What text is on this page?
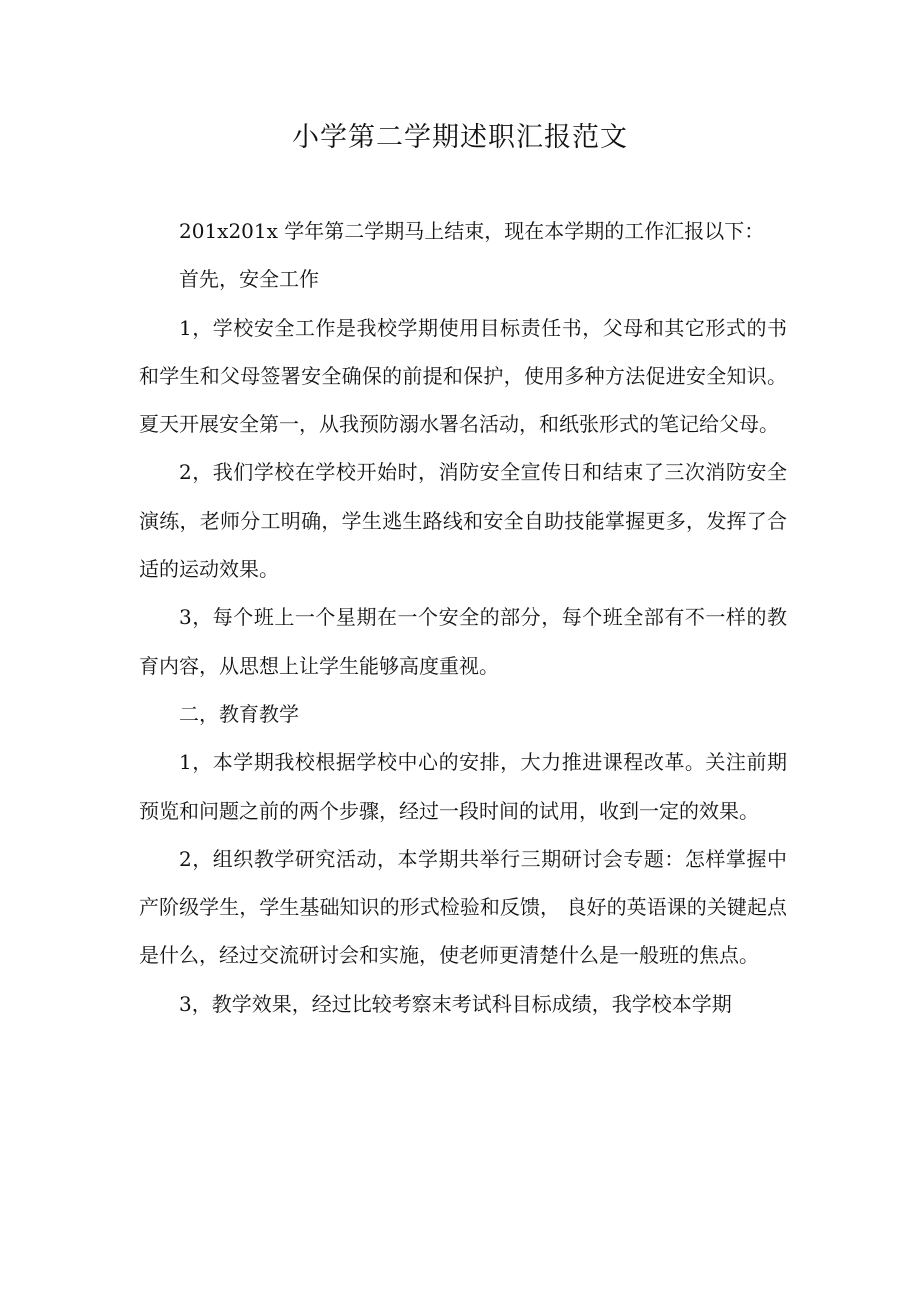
小学第二学期述职汇报范文

201x201x 学年第二学期马上结束，现在本学期的工作汇报以下：

首先，安全工作

1，学校安全工作是我校学期使用目标责任书，父母和其它形式的书和学生和父母签署安全确保的前提和保护，使用多种方法促进安全知识。夏天开展安全第一，从我预防溺水署名活动，和纸张形式的笔记给父母。

2，我们学校在学校开始时，消防安全宣传日和结束了三次消防安全演练，老师分工明确，学生逃生路线和安全自助技能掌握更多，发挥了合适的运动效果。

3，每个班上一个星期在一个安全的部分，每个班全部有不一样的教育内容，从思想上让学生能够高度重视。

二，教育教学

1，本学期我校根据学校中心的安排，大力推进课程改革。关注前期预览和问题之前的两个步骤，经过一段时间的试用，收到一定的效果。

2，组织教学研究活动，本学期共举行三期研讨会专题：怎样掌握中产阶级学生，学生基础知识的形式检验和反馈， 良好的英语课的关键起点是什么，经过交流研讨会和实施，使老师更清楚什么是一般班的焦点。

3，教学效果，经过比较考察末考试科目标成绩，我学校本学期
